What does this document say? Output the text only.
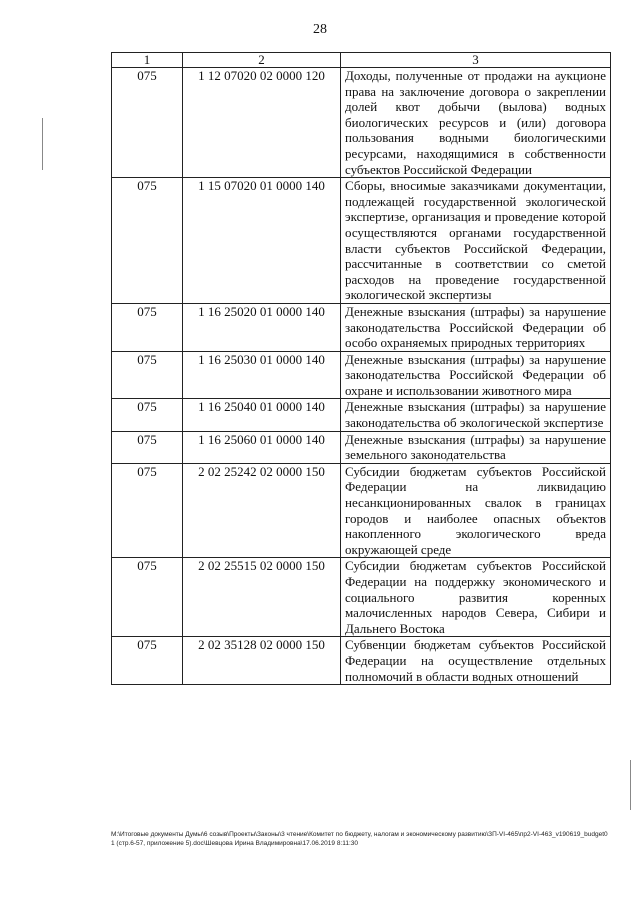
28
1	2	3
075	1 12 07020 02 0000 120	Доходы, полученные от продажи на аукционе права на заключение договора о закреплении долей квот добычи (вылова) водных биологических ресурсов и (или) договора пользования водными биологическими ресурсами, находящимися в собственности субъектов Российской Федерации
075	1 15 07020 01 0000 140	Сборы, вносимые заказчиками документации, подлежащей государственной экологической экспертизе, организация и проведение которой осуществляются органами государственной власти субъектов Российской Федерации, рассчитанные в соответствии со сметой расходов на проведение государственной экологической экспертизы
075	1 16 25020 01 0000 140	Денежные взыскания (штрафы) за нарушение законодательства Российской Федерации об особо охраняемых природных территориях
075	1 16 25030 01 0000 140	Денежные взыскания (штрафы) за нарушение законодательства Российской Федерации об охране и использовании животного мира
075	1 16 25040 01 0000 140	Денежные взыскания (штрафы) за нарушение законодательства об экологической экспертизе
075	1 16 25060 01 0000 140	Денежные взыскания (штрафы) за нарушение земельного законодательства
075	2 02 25242 02 0000 150	Субсидии бюджетам субъектов Российской Федерации на ликвидацию несанкционированных свалок в границах городов и наиболее опасных объектов накопленного экологического вреда окружающей среде
075	2 02 25515 02 0000 150	Субсидии бюджетам субъектов Российской Федерации на поддержку экономического и социального развития коренных малочисленных народов Севера, Сибири и Дальнего Востока
075	2 02 35128 02 0000 150	Субвенции бюджетам субъектов Российской Федерации на осуществление отдельных полномочий в области водных отношений
M:\Итоговые документы Думы\6 созыв\Проекты\Законы\3 чтение\Комитет по бюджету, налогам и экономическому развитию\ЗП-VI-465\пр2-VI-463_v190619_budget01 (стр.6-57, приложение 5).doc\Шевцова Ирина Владимировна\17.06.2019 8:11:30
